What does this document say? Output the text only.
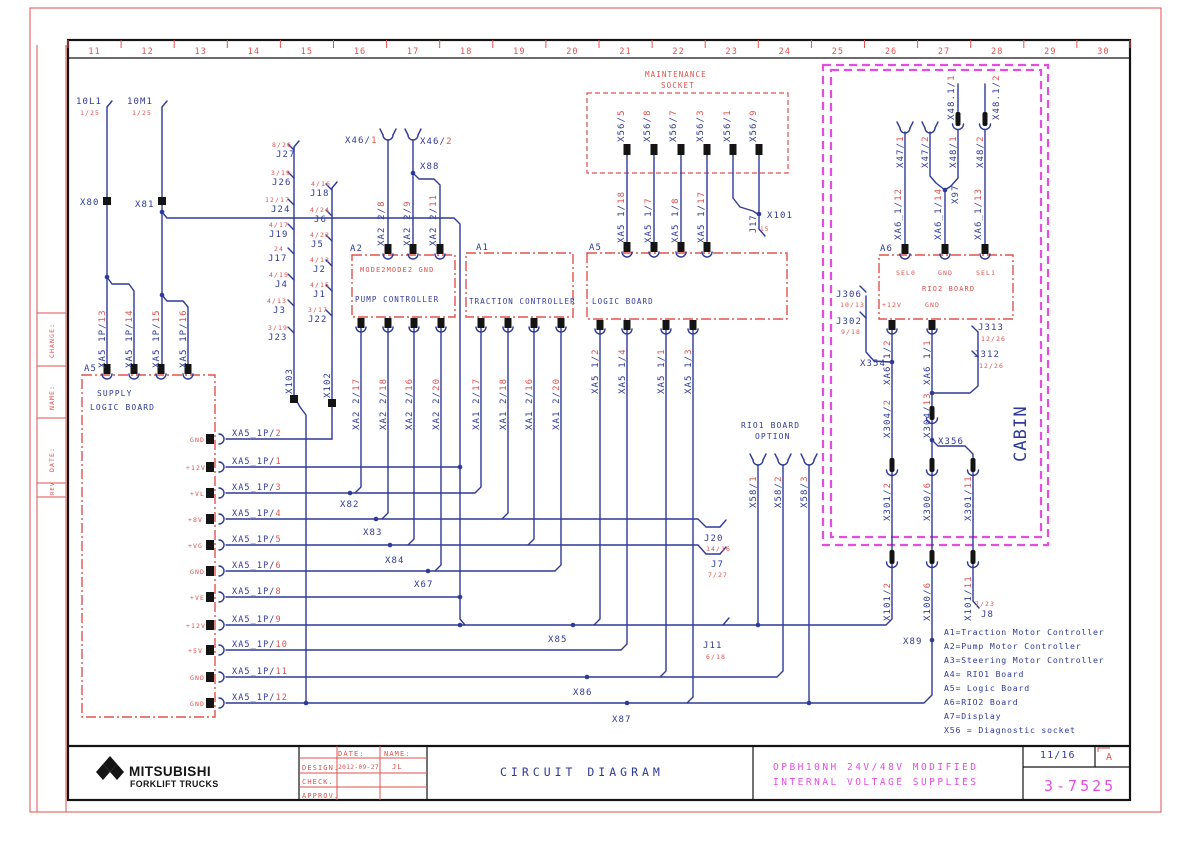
11	12	13	14	15	16	17	18	19	20	21	22	23	24	25	26	27	28	29	30
10L1
1/25
10M1
1/25
X80	X81
A5
SUPPLY
LOGIC BOARD
GND
+12V
+VL
+8V
+VG
GND
+VE
+12V
+5V
GND
GND
XA5_1P/2
XA5_1P/1
XA5_1P/3
XA5_1P/4
XA5_1P/5
XA5_1P/6
XA5_1P/8
XA5_1P/9
XA5_1P/10
XA5_1P/11
XA5_1P/12
8/26
J27
3/19
J26
12/17
J24
4/17
J19
24
J17
4/15
J4
4/13
J3
3/19
J23
4/16
J18
4/24
J6
4/22
J5
4/13
J2
4/15
J1
3/17
J22
X46/1	X46/2
X88
A2
MODE2MODE2 GND
PUMP CONTROLLER
A1
TRACTION CONTROLLER
A5
LOGIC BOARD
MAINTENANCE
SOCKET
X101
15
X82
X83
X84
X67
X85
X86
X87
J20
14/16
J7
7/27
J11
6/18
RIO1 BOARD
OPTION
A6
SEL0	GND	SEL1
RIO2 BOARD
+12V	GND
J306
10/13
J302
9/18
X354
J313
12/26
J312
12/26
X356
X89
7/23
J8
X103	X102
XA2 2/8
XA2 2/9
XA2 2/11
XA5 1/18
XA5 1/7
XA5 1/8
XA5 1/17
X56/5
X56/8
X56/7
X56/3
X56/1
X56/9
J17
XA2 2/17
XA2 2/18
XA2 2/16
XA2 2/20
XA1 2/17
XA1 2/18
XA1 2/16
XA1 2/20	XA5_1/2
XA5_1/4
XA5_1/1
XA5_1/3
XA5 1P/13
XA5 1P/14
XA5 1P/15
XA5 1P/16
X58/1
X58/2
X58/3
X47/1
X47/2
X48/1
X48/2
X48.1/1
X48.1/2
X97
XA6_1/12
XA6_1/14
XA6_1/13
XA6_1/2
XA6_1/1
X304/2
X304/13
X301/2
X300/6
X301/11
X101/2
X100/6
X101/11
CABIN
CHANGE:
NAME:
DATE:
REV
A1=Traction Motor Controller
A2=Pump Motor Controller
A3=Steering Motor Controller
A4= RIO1 Board
A5= Logic Board
A6=RIO2 Board
A7=Display
X56 = Diagnostic socket
MITSUBISHI
FORKLIFT TRUCKS
DATE:	NAME:
DESIGN.
CHECK.
APPROV.
2012-09-27 JL	CIRCUIT DIAGRAM	OPBH10NH 24V/48V MODIFIED
INTERNAL VOLTAGE SUPPLIES
11/16	A
3-7525
